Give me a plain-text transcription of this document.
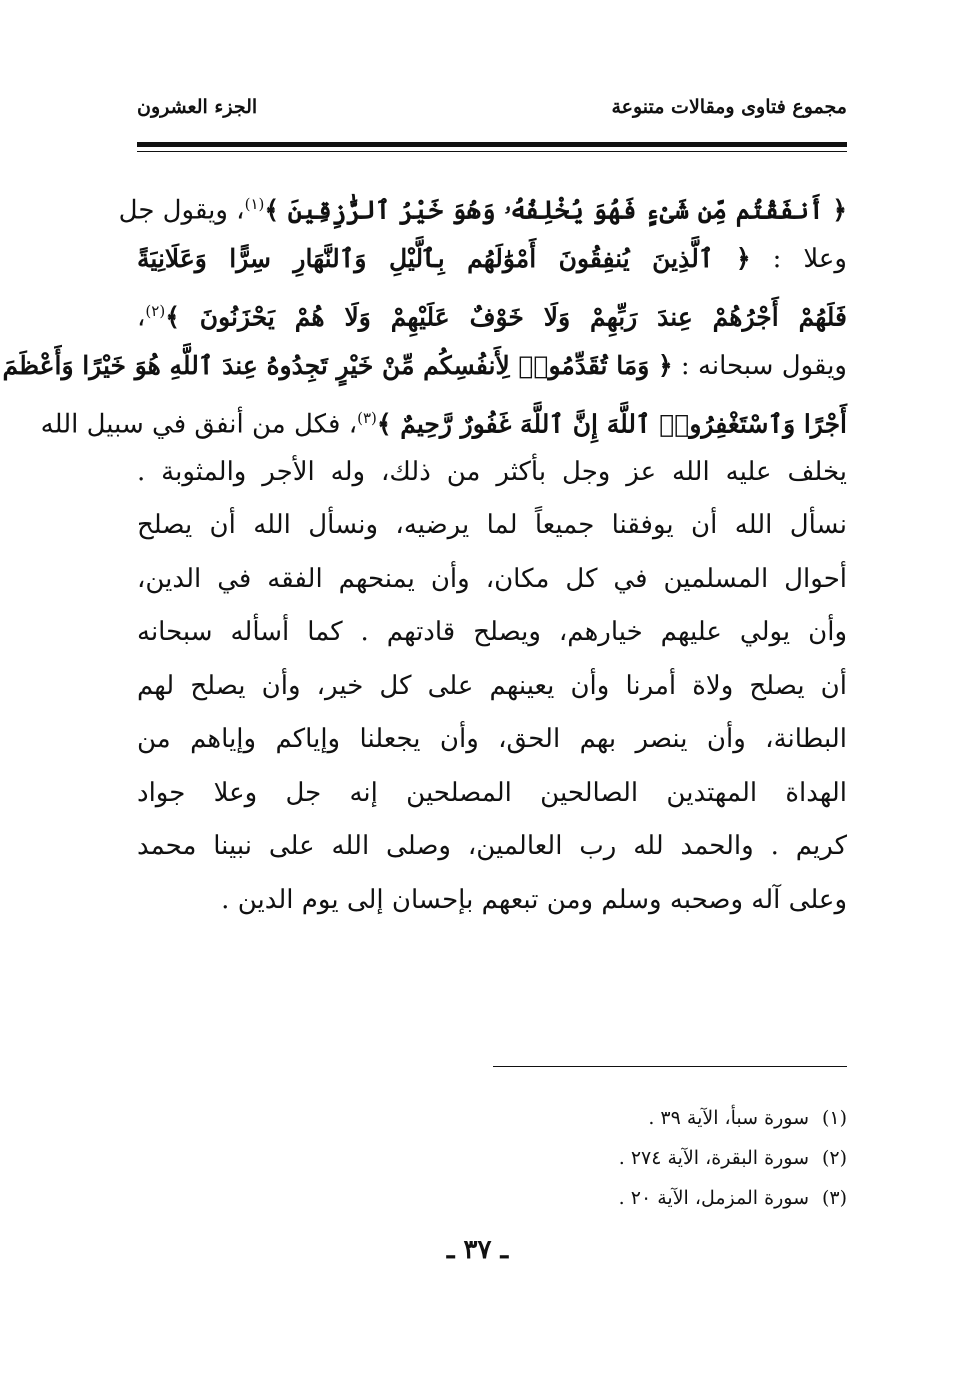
مجموع فتاوى ومقالات متنوعة
الجزء العشرون
﴿ أَنفَقْتُم مِّن شَىْءٍ فَهُوَ يُخْلِفُهُۥ وَهُوَ خَيْرُ ٱلرَّٰزِقِينَ ﴾$^{(١)}$، ويقول جل
وعلا : ﴿ ٱلَّذِينَ يُنفِقُونَ أَمْوَٰلَهُم بِٱلَّيْلِ وَٱلنَّهَارِ سِرًّا وَعَلَانِيَةً
فَلَهُمْ أَجْرُهُمْ عِندَ رَبِّهِمْ وَلَا خَوْفٌ عَلَيْهِمْ وَلَا هُمْ يَحْزَنُونَ ﴾$^{(٢)}$،
ويقول سبحانه : ﴿ وَمَا تُقَدِّمُوا۟ لِأَنفُسِكُم مِّنْ خَيْرٍ تَجِدُوهُ عِندَ ٱللَّهِ هُوَ خَيْرًا وَأَعْظَمَ
أَجْرًا وَٱسْتَغْفِرُوا۟ ٱللَّهَ إِنَّ ٱللَّهَ غَفُورٌ رَّحِيمٌ ﴾$^{(٣)}$، فكل من أنفق في سبيل الله
يخلف عليه الله عز وجل بأكثر من ذلك، وله الأجر والمثوبة .
نسأل الله أن يوفقنا جميعاً لما يرضيه، ونسأل الله أن يصلح
أحوال المسلمين في كل مكان، وأن يمنحهم الفقه في الدين،
وأن يولي عليهم خيارهم، ويصلح قادتهم . كما أسأله سبحانه
أن يصلح ولاة أمرنا وأن يعينهم على كل خير، وأن يصلح لهم
البطانة، وأن ينصر بهم الحق، وأن يجعلنا وإياكم وإياهم من
الهداة المهتدين الصالحين المصلحين إنه جل وعلا جواد
كريم . والحمد لله رب العالمين، وصلى الله على نبينا محمد
وعلى آله وصحبه وسلم ومن تبعهم بإحسان إلى يوم الدين .
(١)سورة سبأ، الآية ٣٩ .
(٢)سورة البقرة، الآية ٢٧٤ .
(٣)سورة المزمل، الآية ٢٠ .
ـ ٣٧ ـ
